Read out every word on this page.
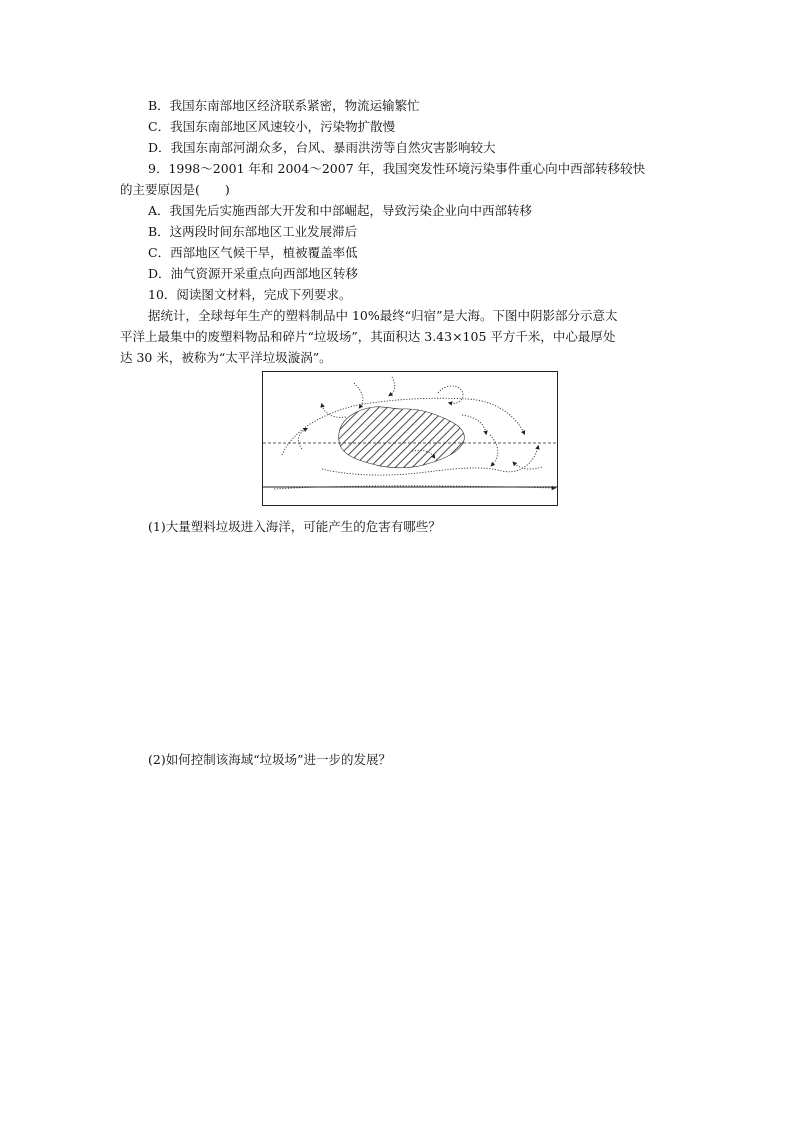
B．我国东南部地区经济联系紧密，物流运输繁忙
C．我国东南部地区风速较小，污染物扩散慢
D．我国东南部河湖众多，台风、暴雨洪涝等自然灾害影响较大
9．1998～2001 年和 2004～2007 年，我国突发性环境污染事件重心向中西部转移较快
的主要原因是(　　)
A．我国先后实施西部大开发和中部崛起，导致污染企业向中西部转移
B．这两段时间东部地区工业发展滞后
C．西部地区气候干旱，植被覆盖率低
D．油气资源开采重点向西部地区转移
10．阅读图文材料，完成下列要求。
据统计，全球每年生产的塑料制品中 10%最终“归宿”是大海。下图中阴影部分示意太
平洋上最集中的废塑料物品和碎片“垃圾场”，其面积达 3.43×105 平方千米，中心最厚处
达 30 米，被称为“太平洋垃圾漩涡”。
(1)大量塑料垃圾进入海洋，可能产生的危害有哪些？
(2)如何控制该海域“垃圾场”进一步的发展？
